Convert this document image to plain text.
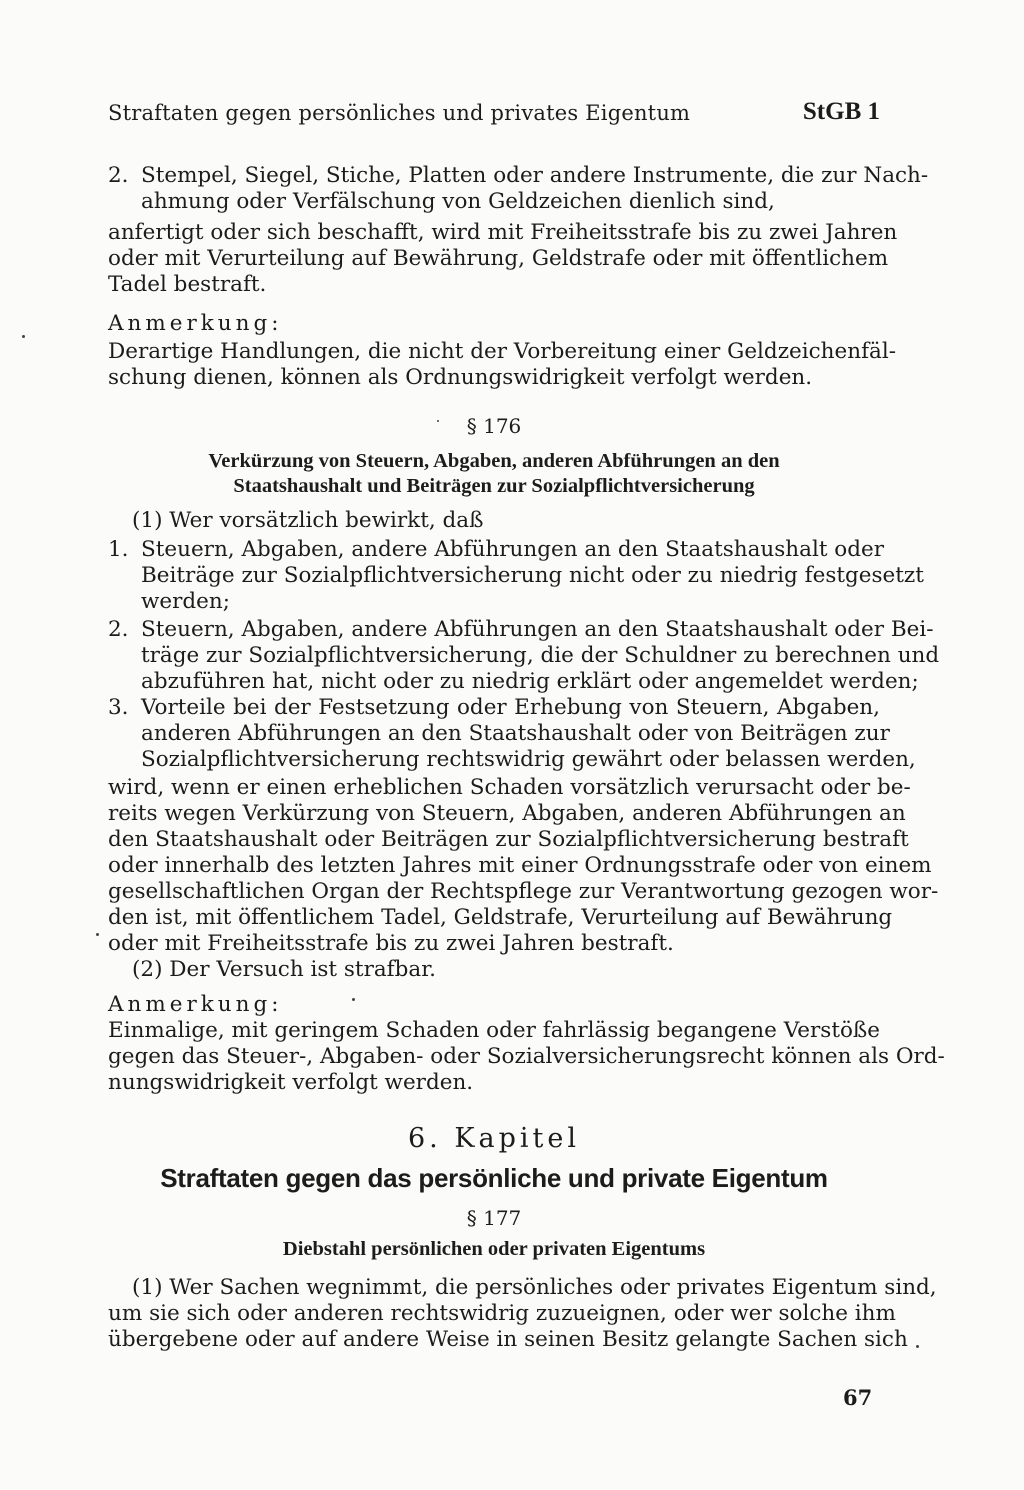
Straftaten gegen persönliches und privates Eigentum	StGB 1
2. Stempel, Siegel, Stiche, Platten oder andere Instrumente, die zur Nach-
ahmung oder Verfälschung von Geldzeichen dienlich sind,
anfertigt oder sich beschafft, wird mit Freiheitsstrafe bis zu zwei Jahren
oder mit Verurteilung auf Bewährung, Geldstrafe oder mit öffentlichem
Tadel bestraft.
Anmerkung:
Derartige Handlungen, die nicht der Vorbereitung einer Geldzeichenfäl-
schung dienen, können als Ordnungswidrigkeit verfolgt werden.
§ 176
Verkürzung von Steuern, Abgaben, anderen Abführungen an den
Staatshaushalt und Beiträgen zur Sozialpflichtversicherung
(1) Wer vorsätzlich bewirkt, daß
1. Steuern, Abgaben, andere Abführungen an den Staatshaushalt oder
Beiträge zur Sozialpflichtversicherung nicht oder zu niedrig festgesetzt
werden;
2. Steuern, Abgaben, andere Abführungen an den Staatshaushalt oder Bei-
träge zur Sozialpflichtversicherung, die der Schuldner zu berechnen und
abzuführen hat, nicht oder zu niedrig erklärt oder angemeldet werden;
3. Vorteile bei der Festsetzung oder Erhebung von Steuern, Abgaben,
anderen Abführungen an den Staatshaushalt oder von Beiträgen zur
Sozialpflichtversicherung rechtswidrig gewährt oder belassen werden,
wird, wenn er einen erheblichen Schaden vorsätzlich verursacht oder be-
reits wegen Verkürzung von Steuern, Abgaben, anderen Abführungen an
den Staatshaushalt oder Beiträgen zur Sozialpflichtversicherung bestraft
oder innerhalb des letzten Jahres mit einer Ordnungsstrafe oder von einem
gesellschaftlichen Organ der Rechtspflege zur Verantwortung gezogen wor-
den ist, mit öffentlichem Tadel, Geldstrafe, Verurteilung auf Bewährung
oder mit Freiheitsstrafe bis zu zwei Jahren bestraft.
(2) Der Versuch ist strafbar.
Anmerkung:
Einmalige, mit geringem Schaden oder fahrlässig begangene Verstöße
gegen das Steuer-, Abgaben- oder Sozialversicherungsrecht können als Ord-
nungswidrigkeit verfolgt werden.
6. Kapitel
Straftaten gegen das persönliche und private Eigentum
§ 177
Diebstahl persönlichen oder privaten Eigentums
(1) Wer Sachen wegnimmt, die persönliches oder privates Eigentum sind,
um sie sich oder anderen rechtswidrig zuzueignen, oder wer solche ihm
übergebene oder auf andere Weise in seinen Besitz gelangte Sachen sich
67
